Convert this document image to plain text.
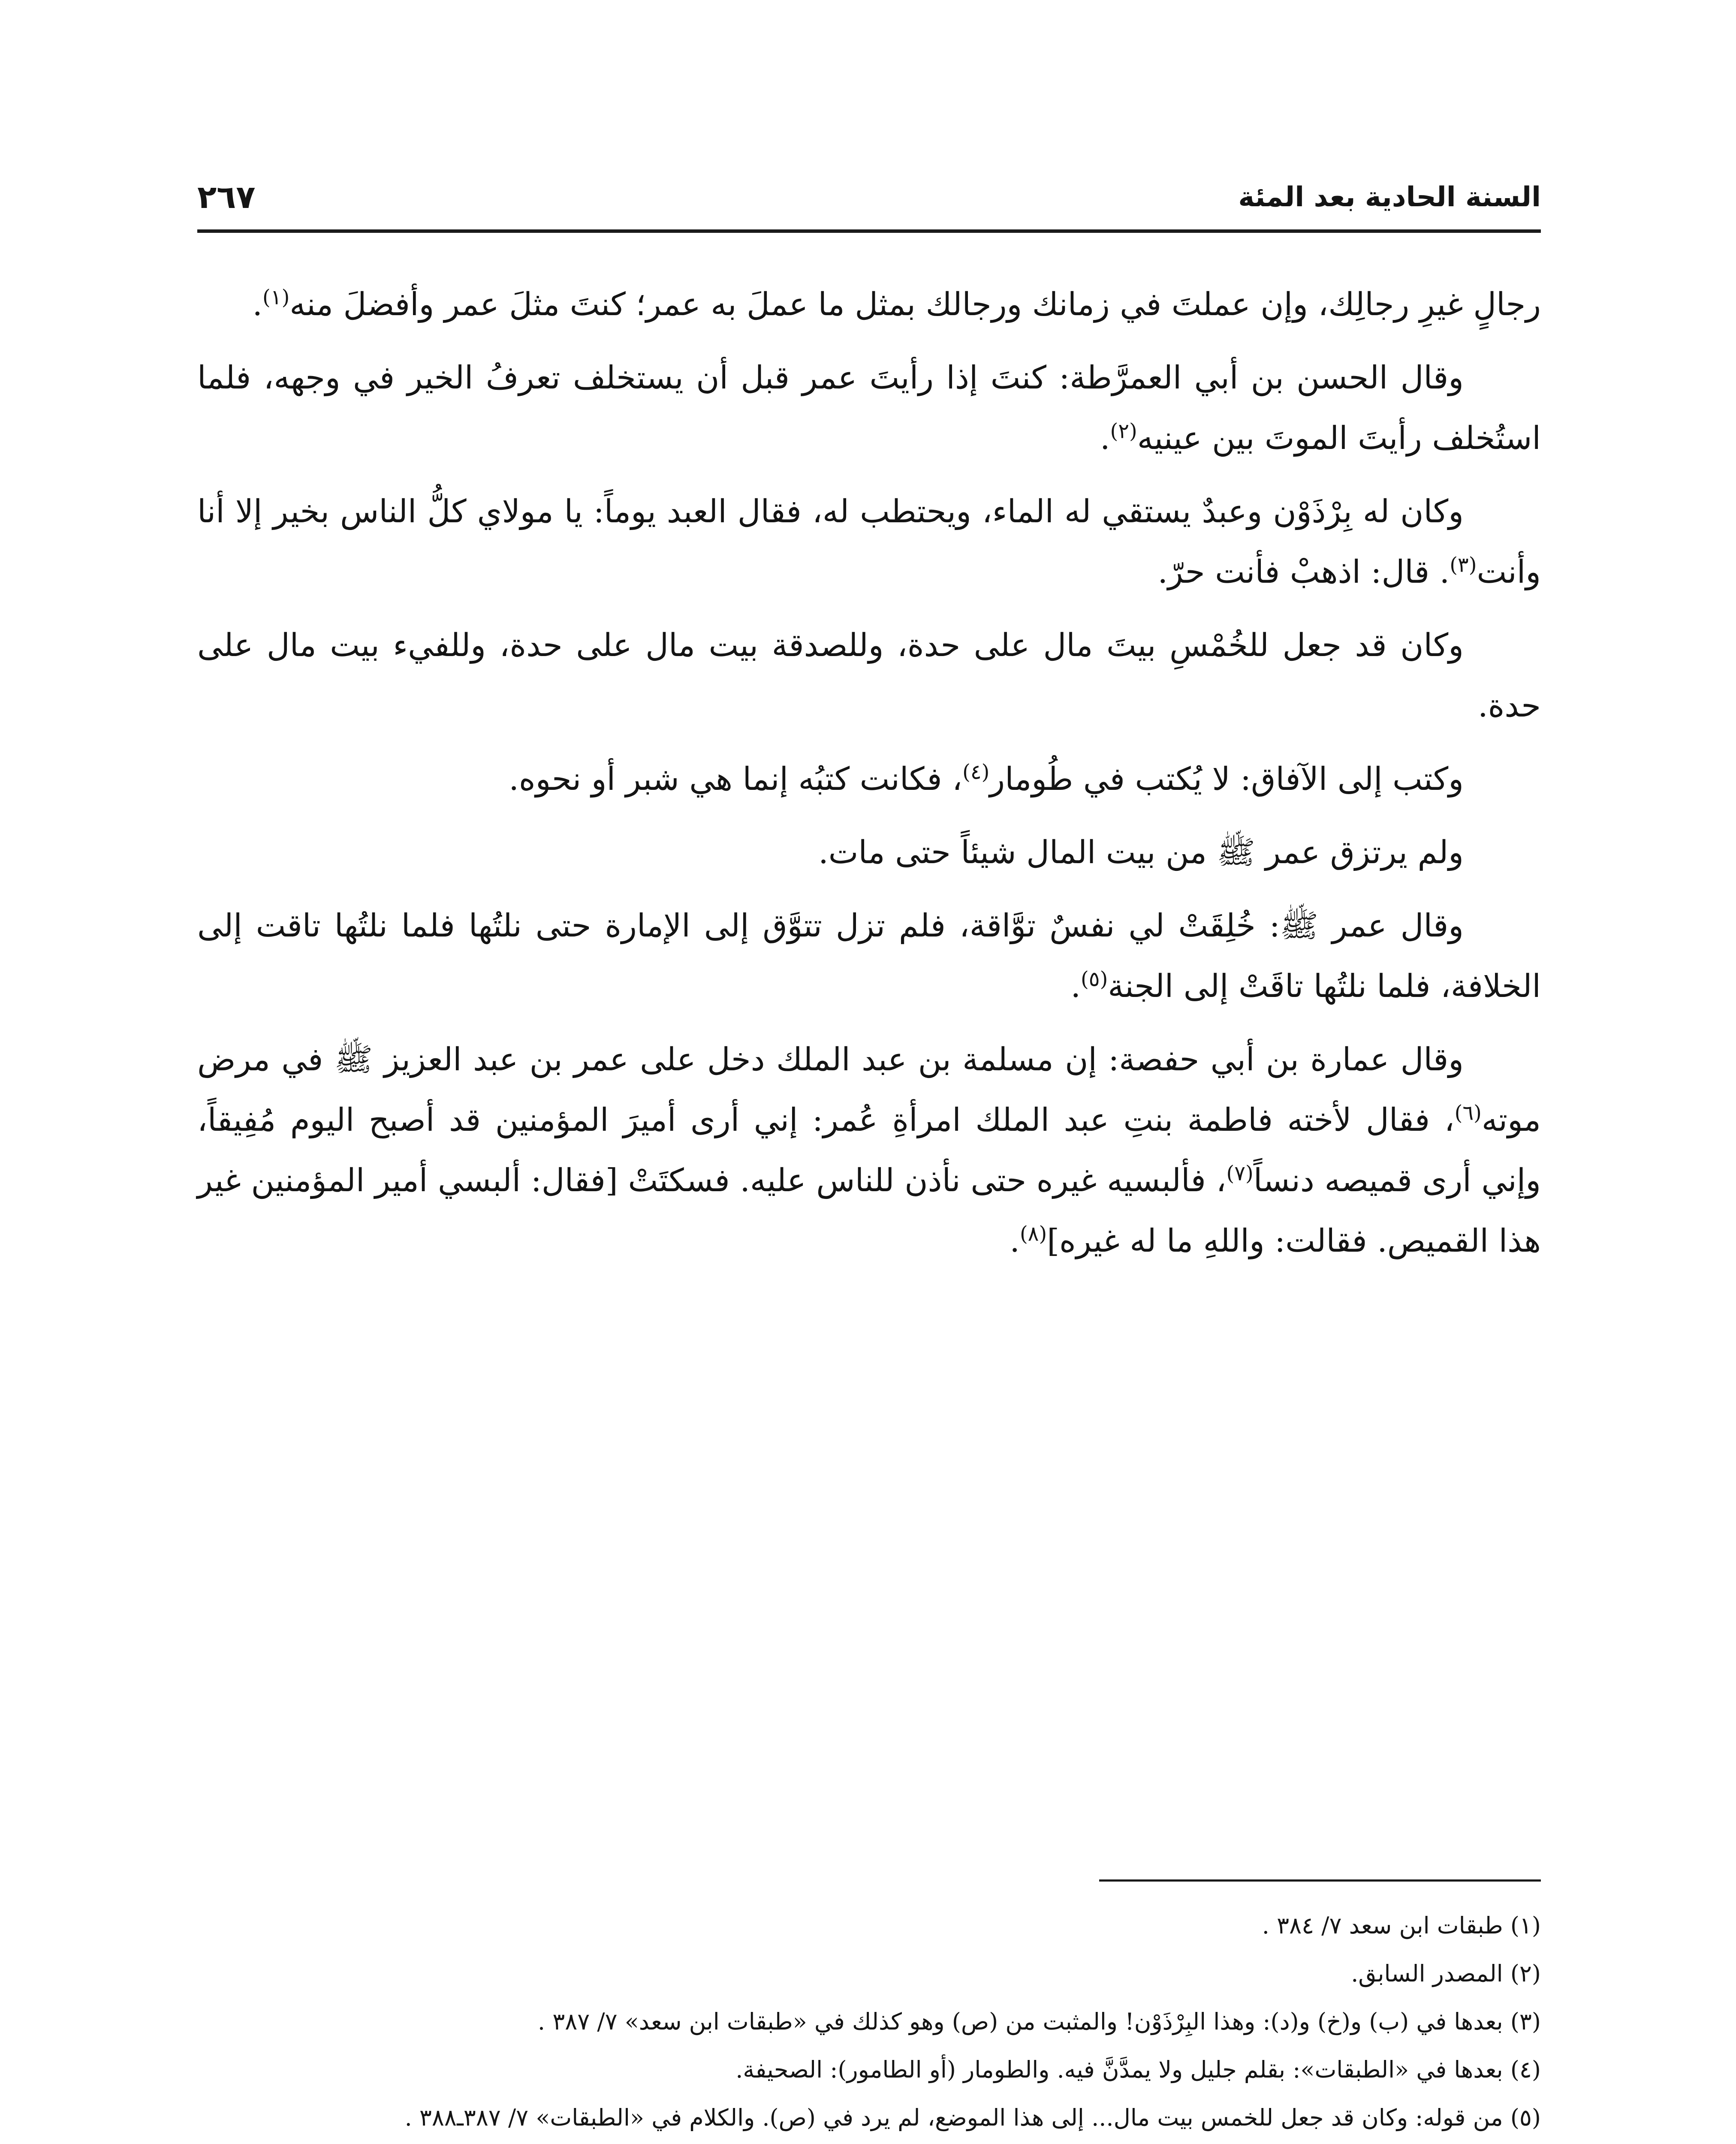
السنة الحادية بعد المئة
٢٦٧

رجالٍ غيرِ رجالِك، وإن عملتَ في زمانك ورجالك بمثل ما عملَ به عمر؛ كنتَ مثلَ عمر وأفضلَ منه$^{(١)}$.

وقال الحسن بن أبي العمرَّطة: كنتَ إذا رأيتَ عمر قبل أن يستخلف تعرفُ الخير في وجهه، فلما استُخلف رأيتَ الموتَ بين عينيه$^{(٢)}$.

وكان له بِرْذَوْن وعبدٌ يستقي له الماء، ويحتطب له، فقال العبد يوماً: يا مولاي كلُّ الناس بخير إلا أنا وأنت$^{(٣)}$. قال: اذهبْ فأنت حرّ.

وكان قد جعل للخُمْسِ بيتَ مال على حدة، وللصدقة بيت مال على حدة، وللفيء بيت مال على حدة.

وكتب إلى الآفاق: لا يُكتب في طُومار$^{(٤)}$، فكانت كتبُه إنما هي شبر أو نحوه.

ولم يرتزق عمر ﷺ من بيت المال شيئاً حتى مات.

وقال عمر ﷺ: خُلِقَتْ لي نفسٌ توَّاقة، فلم تزل تتوَّق إلى الإمارة حتى نلتُها فلما نلتُها تاقت إلى الخلافة، فلما نلتُها تاقَتْ إلى الجنة$^{(٥)}$.

وقال عمارة بن أبي حفصة: إن مسلمة بن عبد الملك دخل على عمر بن عبد العزيز ﷺ في مرض موته$^{(٦)}$، فقال لأخته فاطمة بنتِ عبد الملك امرأةِ عُمر: إني أرى أميرَ المؤمنين قد أصبح اليوم مُفِيقاً، وإني أرى قميصه دنساً$^{(٧)}$، فألبسيه غيره حتى نأذن للناس عليه. فسكتَتْ [فقال: ألبسي أمير المؤمنين غير هذا القميص. فقالت: واللهِ ما له غيره]$^{(٨)}$.

(١) طبقات ابن سعد ٧/ ٣٨٤ .

(٢) المصدر السابق.

(٣) بعدها في (ب) و(خ) و(د): وهذا البِرْذَوْن! والمثبت من (ص) وهو كذلك في «طبقات ابن سعد» ٧/ ٣٨٧ .

(٤) بعدها في «الطبقات»: بقلم جليل ولا يمدَّنَّ فيه. والطومار (أو الطامور): الصحيفة.

(٥) من قوله: وكان قد جعل للخمس بيت مال... إلى هذا الموضع، لم يرد في (ص). والكلام في «الطبقات» ٧/ ٣٨٧ـ٣٨٨ .
